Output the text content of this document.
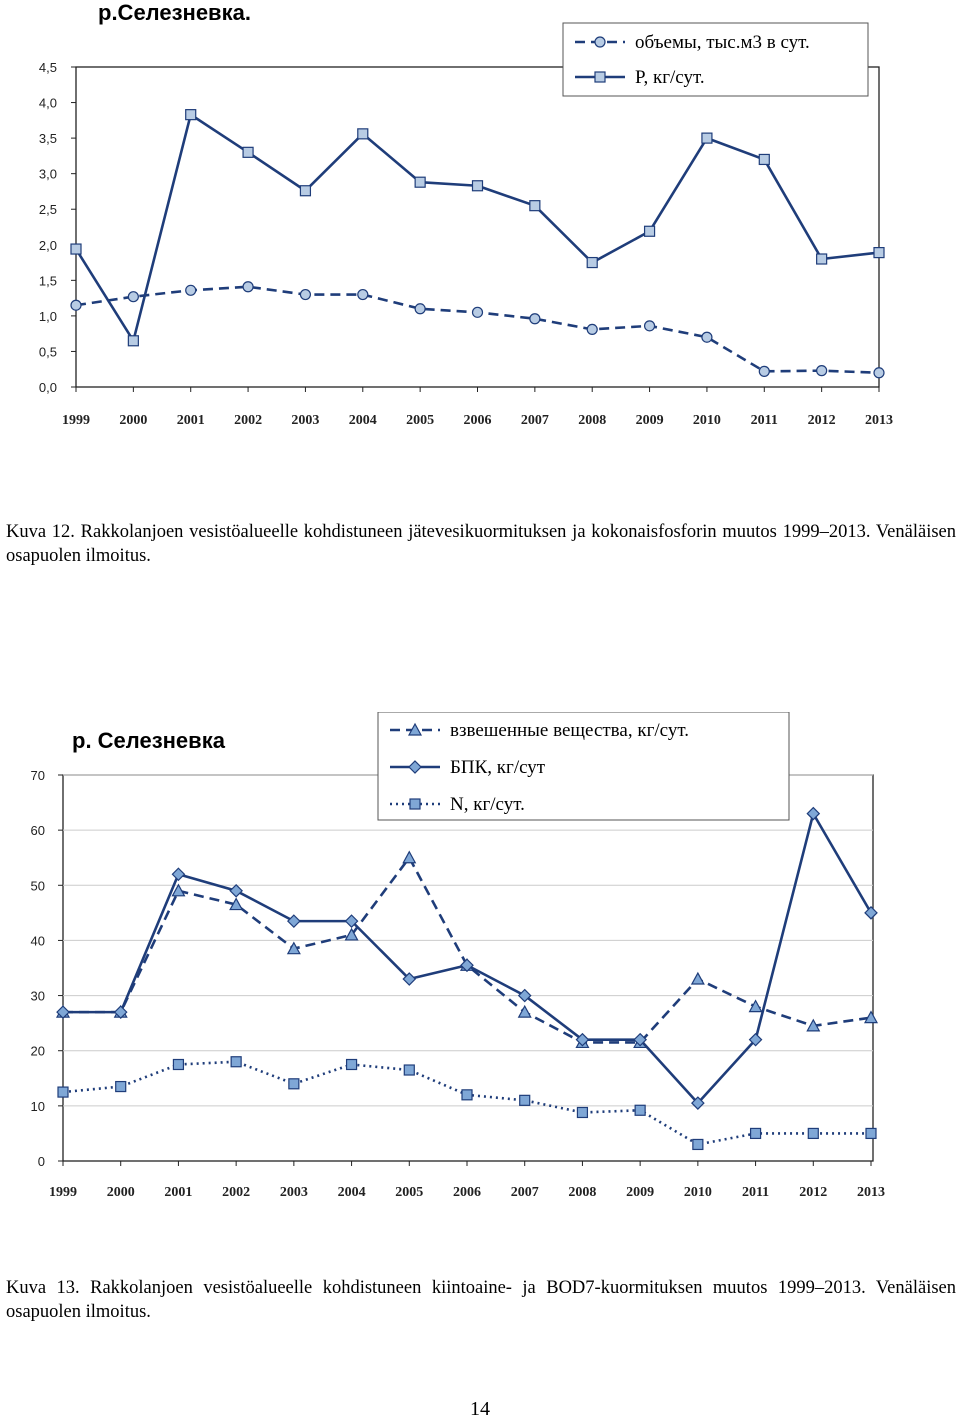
р.Селезневка.
0,0
0,5
1,0
1,5
2,0
2,5
3,0
3,5
4,0
4,5
1999 2000 2001 2002 2003 2004 2005 2006 2007 2008 2009 2010 2011 2012 2013
объемы, тыс.м3 в сут.
P, кг/сут.
Kuva 12. Rakkolanjoen vesistöalueelle kohdistuneen jätevesikuormituksen ja kokonaisfosforin muutos 1999–2013. Venäläisen osapuolen ilmoitus.
р. Селезневка
0
10
20
30
40
50
60
70
1999 2000 2001 2002 2003 2004 2005 2006 2007 2008 2009 2010 2011 2012 2013
взвешенные вещества, кг/сут.
БПК, кг/сут
N, кг/сут.
Kuva 13. Rakkolanjoen vesistöalueelle kohdistuneen kiintoaine- ja BOD7-kuormituksen muutos 1999–2013. Venäläisen osapuolen ilmoitus.
14
